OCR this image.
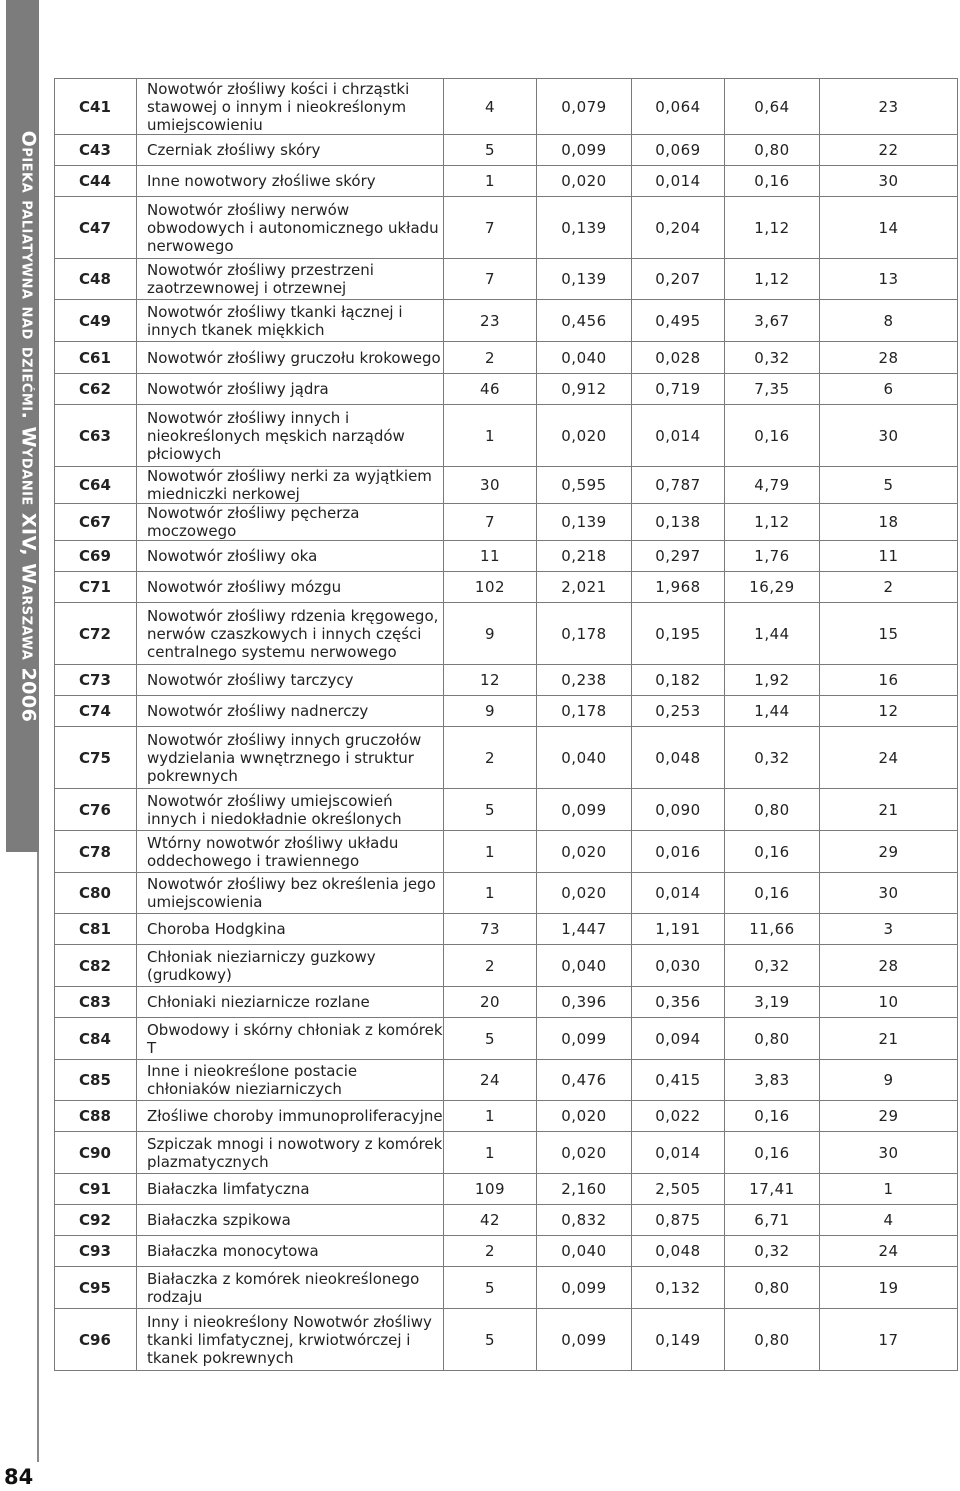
Opieka paliatywna nad dziećmi. Wydanie XIV, Warszawa 2006
84
C41	Nowotwór złośliwy kości i chrząstki stawowej o innym i nieokreślonym umiejscowieniu	4	0,079	0,064	0,64	23
C43	Czerniak złośliwy skóry	5	0,099	0,069	0,80	22
C44	Inne nowotwory złośliwe skóry	1	0,020	0,014	0,16	30
C47	Nowotwór złośliwy nerwów obwodowych i autonomicznego układu nerwowego	7	0,139	0,204	1,12	14
C48	Nowotwór złośliwy przestrzeni zaotrzewnowej i otrzewnej	7	0,139	0,207	1,12	13
C49	Nowotwór złośliwy tkanki łącznej i innych tkanek miękkich	23	0,456	0,495	3,67	8
C61	Nowotwór złośliwy gruczołu krokowego	2	0,040	0,028	0,32	28
C62	Nowotwór złośliwy jądra	46	0,912	0,719	7,35	6
C63	Nowotwór złośliwy innych i nieokreślonych męskich narządów płciowych	1	0,020	0,014	0,16	30
C64	Nowotwór złośliwy nerki za wyjątkiem miedniczki nerkowej	30	0,595	0,787	4,79	5
C67	Nowotwór złośliwy pęcherza moczowego	7	0,139	0,138	1,12	18
C69	Nowotwór złośliwy oka	11	0,218	0,297	1,76	11
C71	Nowotwór złośliwy mózgu	102	2,021	1,968	16,29	2
C72	Nowotwór złośliwy rdzenia kręgowego, nerwów czaszkowych i innych części centralnego systemu nerwowego	9	0,178	0,195	1,44	15
C73	Nowotwór złośliwy tarczycy	12	0,238	0,182	1,92	16
C74	Nowotwór złośliwy nadnerczy	9	0,178	0,253	1,44	12
C75	Nowotwór złośliwy innych gruczołów wydzielania wwnętrznego i struktur pokrewnych	2	0,040	0,048	0,32	24
C76	Nowotwór złośliwy umiejscowień innych i niedokładnie określonych	5	0,099	0,090	0,80	21
C78	Wtórny nowotwór złośliwy układu oddechowego i trawiennego	1	0,020	0,016	0,16	29
C80	Nowotwór złośliwy bez określenia jego umiejscowienia	1	0,020	0,014	0,16	30
C81	Choroba Hodgkina	73	1,447	1,191	11,66	3
C82	Chłoniak nieziarniczy guzkowy (grudkowy)	2	0,040	0,030	0,32	28
C83	Chłoniaki nieziarnicze rozlane	20	0,396	0,356	3,19	10
C84	Obwodowy i skórny chłoniak z komórek T	5	0,099	0,094	0,80	21
C85	Inne i nieokreślone postacie chłoniaków nieziarniczych	24	0,476	0,415	3,83	9
C88	Złośliwe choroby immunoproliferacyjne	1	0,020	0,022	0,16	29
C90	Szpiczak mnogi i nowotwory z komórek plazmatycznych	1	0,020	0,014	0,16	30
C91	Białaczka limfatyczna	109	2,160	2,505	17,41	1
C92	Białaczka szpikowa	42	0,832	0,875	6,71	4
C93	Białaczka monocytowa	2	0,040	0,048	0,32	24
C95	Białaczka z komórek nieokreślonego rodzaju	5	0,099	0,132	0,80	19
C96	Inny i nieokreślony Nowotwór złośliwy tkanki limfatycznej, krwiotwórczej i tkanek pokrewnych	5	0,099	0,149	0,80	17
